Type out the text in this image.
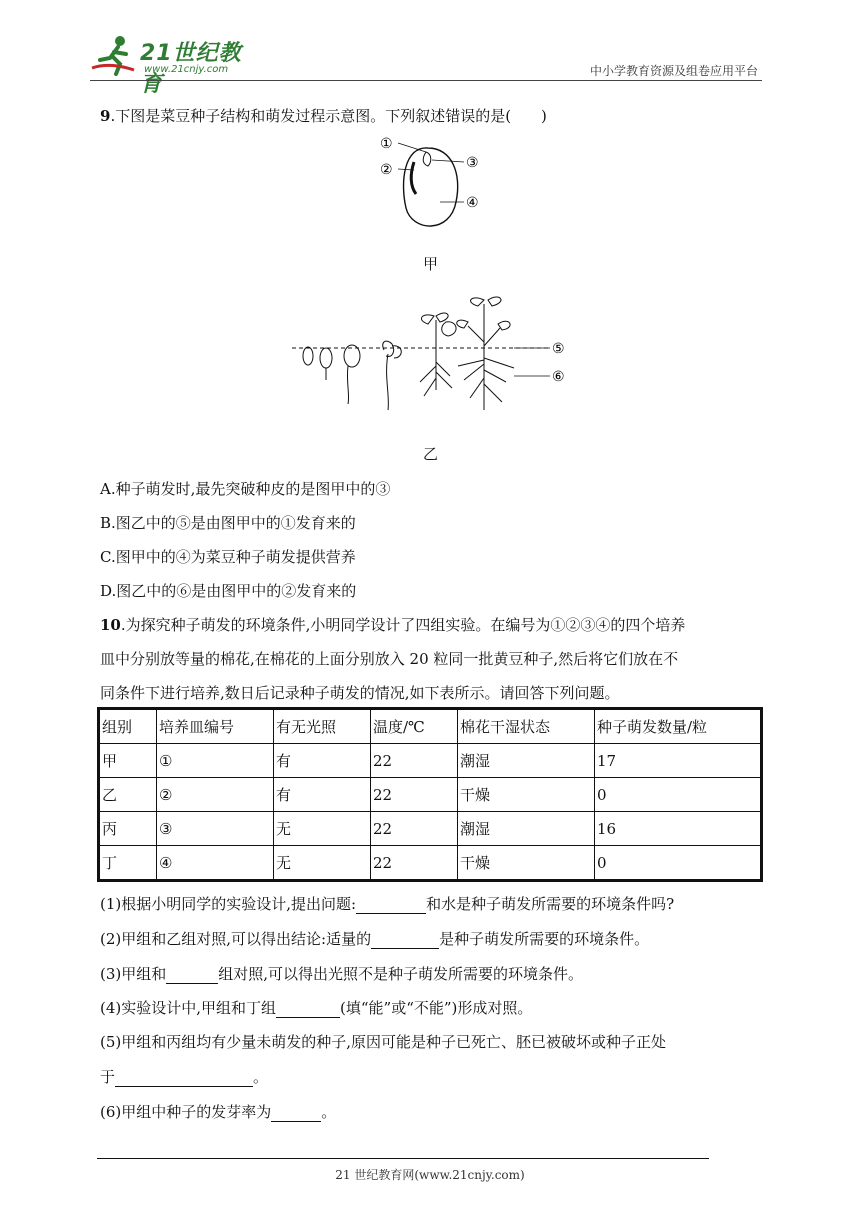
21世纪教育
www.21cnjy.com	中小学教育资源及组卷应用平台
9.下图是菜豆种子结构和萌发过程示意图。下列叙述错误的是(　　)
①
②	③
④
甲
⑤
⑥
乙
A.种子萌发时,最先突破种皮的是图甲中的③
B.图乙中的⑤是由图甲中的①发育来的
C.图甲中的④为菜豆种子萌发提供营养
D.图乙中的⑥是由图甲中的②发育来的
10.为探究种子萌发的环境条件,小明同学设计了四组实验。在编号为①②③④的四个培养
皿中分别放等量的棉花,在棉花的上面分别放入 20 粒同一批黄豆种子,然后将它们放在不
同条件下进行培养,数日后记录种子萌发的情况,如下表所示。请回答下列问题。
组别	培养皿编号	有无光照	温度/℃	棉花干湿状态	种子萌发数量/粒
甲	①	有	22	潮湿	17
乙	②	有	22	干燥	0
丙	③	无	22	潮湿	16
丁	④	无	22	干燥	0
(1)根据小明同学的实验设计,提出问题:	和水是种子萌发所需要的环境条件吗?
(2)甲组和乙组对照,可以得出结论:适量的	是种子萌发所需要的环境条件。
(3)甲组和	组对照,可以得出光照不是种子萌发所需要的环境条件。
(4)实验设计中,甲组和丁组	(填“能”或“不能”)形成对照。
(5)甲组和丙组均有少量未萌发的种子,原因可能是种子已死亡、胚已被破坏或种子正处
于	。
(6)甲组中种子的发芽率为	。
21 世纪教育网(www.21cnjy.com)
